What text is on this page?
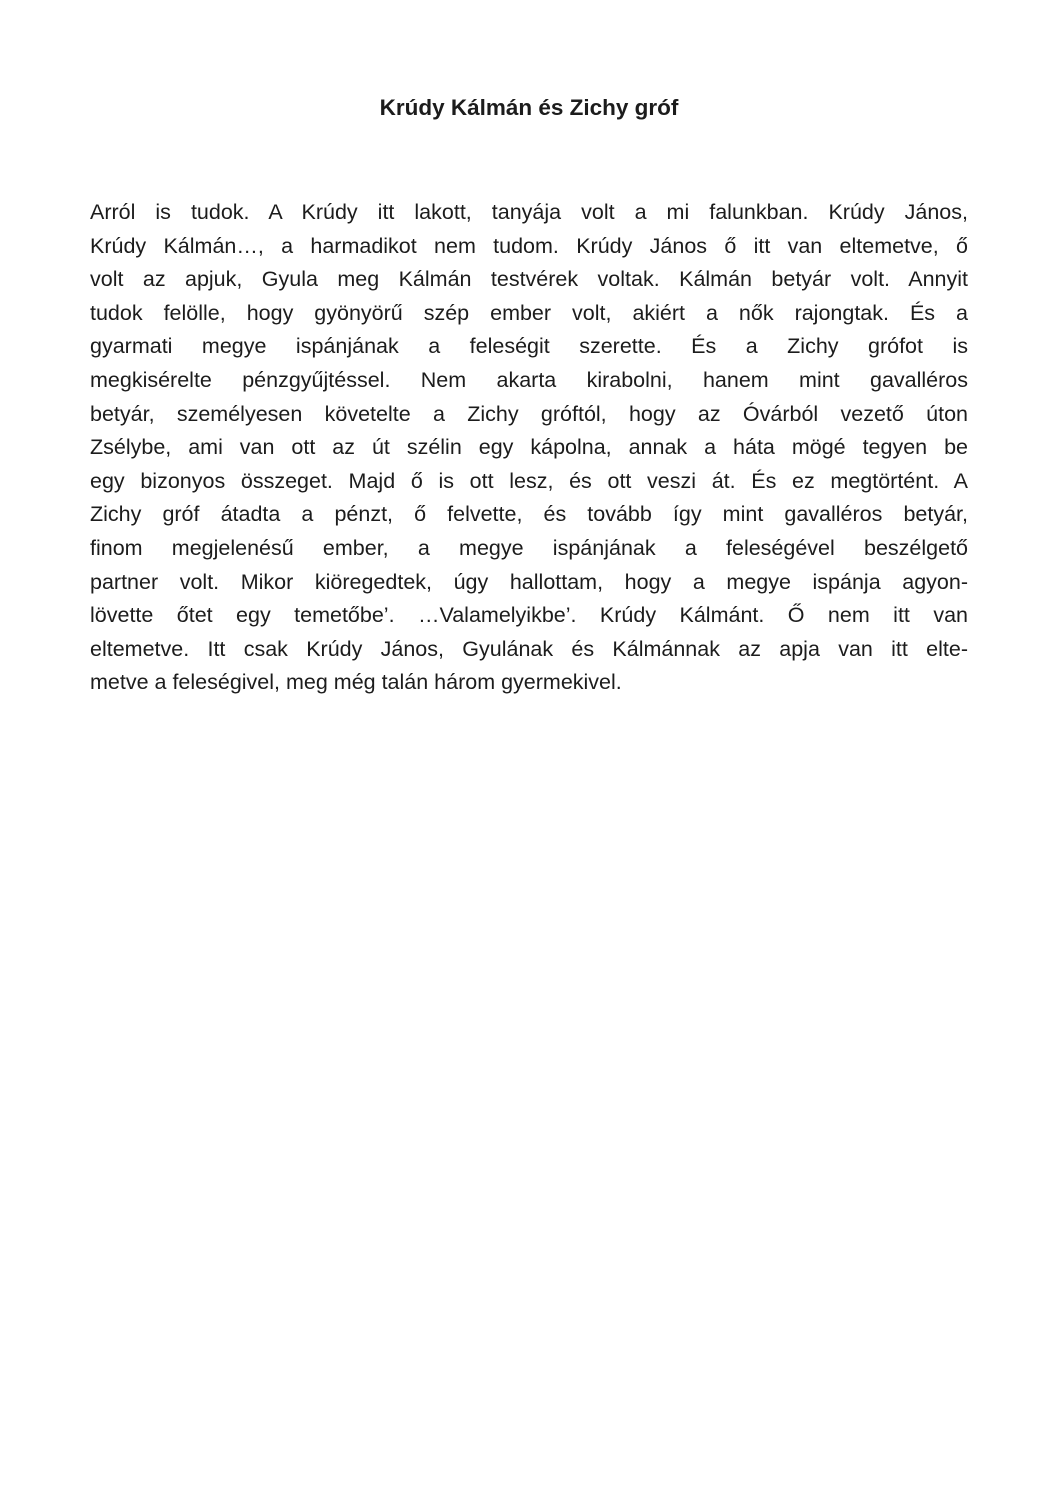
Krúdy Kálmán és Zichy gróf
Arról is tudok. A Krúdy itt lakott, tanyája volt a mi falunkban. Krúdy János,
Krúdy Kálmán…, a harmadikot nem tudom. Krúdy János ő itt van eltemetve, ő
volt az apjuk, Gyula meg Kálmán testvérek voltak. Kálmán betyár volt. Annyit
tudok felölle, hogy gyönyörű szép ember volt, akiért a nők rajongtak. És a
gyarmati megye ispánjának a feleségit szerette. És a Zichy grófot is
megkisérelte pénzgyűjtéssel. Nem akarta kirabolni, hanem mint gavalléros
betyár, személyesen követelte a Zichy gróftól, hogy az Óvárból vezető úton
Zsélybe, ami van ott az út szélin egy kápolna, annak a háta mögé tegyen be
egy bizonyos összeget. Majd ő is ott lesz, és ott veszi át. És ez megtörtént. A
Zichy gróf átadta a pénzt, ő felvette, és tovább így mint gavalléros betyár,
finom megjelenésű ember, a megye ispánjának a feleségével beszélgető
partner volt. Mikor kiöregedtek, úgy hallottam, hogy a megye ispánja agyon-
lövette őtet egy temetőbe’. …Valamelyikbe’. Krúdy Kálmánt. Ő nem itt van
eltemetve. Itt csak Krúdy János, Gyulának és Kálmánnak az apja van itt elte-
metve a feleségivel, meg még talán három gyermekivel.
